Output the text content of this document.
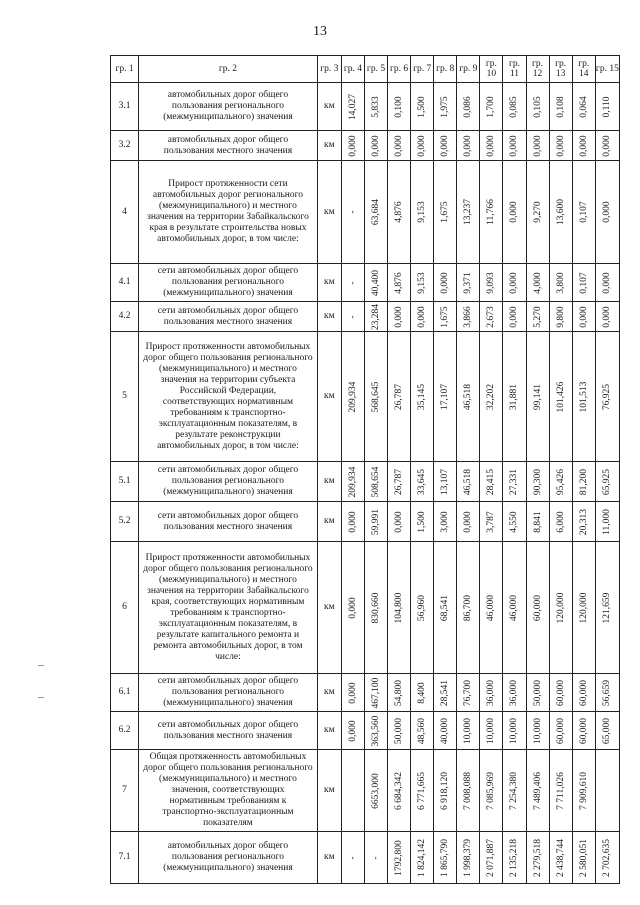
13
гр. 1	гр. 2	гр. 3	гр. 4	гр. 5	гр. 6	гр. 7	гр. 8	гр. 9	гр. 10	гр. 11	гр. 12	гр. 13	гр. 14	гр. 15
3.1	автомобильных дорог общего пользования регионального (межмуниципального) значения	км	14,027	5,833	0,100	1,500	1,975	0,086	1,700	0,085	0,105	0,108	0,064	0,110

3.2	автомобильных дорог общего пользования местного значения	км	0,000	0,000	0,000	0,000	0,000	0,000	0,000	0,000	0,000	0,000	0,000	0,000

4	Прирост протяженности сети автомобильных дорог регионального (межмуниципального) и местного значения на территории Забайкальского края в результате строительства новых автомобильных дорог, в том числе:	км	-	63,684	4,876	9,153	1,675	13,237	11,766	0,000	9,270	13,600	0,107	0,000

4.1	сети автомобильных дорог общего пользования регионального (межмуниципального) значения	км	-	40,400	4,876	9,153	0,000	9,371	9,093	0,000	4,000	3,800	0,107	0,000

4.2	сети автомобильных дорог общего пользования местного значения	км	-	23,284	0,000	0,000	1,675	3,866	2,673	0,000	5,270	9,800	0,000	0,000

5	Прирост протяженности автомобильных дорог общего пользования регионального (межмуниципального) и местного значения на территории субъекта Российской Федерации, соответствующих нормативным требованиям к транспортно-эксплуатационным показателям, в результате реконструкции автомобильных дорог, в том числе:	км	209,934	568,645	26,787	35,145	17,107	46,518	32,202	31,881	99,141	101,426	101,513	76,925

5.1	сети автомобильных дорог общего пользования регионального (межмуниципального) значения	км	209,934	508,654	26,787	33,645	13,107	46,518	28,415	27,331	90,300	95,426	81,200	65,925

5.2	сети автомобильных дорог общего пользования местного значения	км	0,000	59,991	0,000	1,500	3,000	0,000	3,787	4,550	8,841	6,000	20,313	11,000

6	Прирост протяженности автомобильных дорог общего пользования регионального (межмуниципального) и местного значения на территории Забайкальского края, соответствующих нормативным требованиям к транспортно-эксплуатационным показателям, в результате капитального ремонта и ремонта автомобильных дорог, в том числе:	км	0,000	830,660	104,800	56,960	68,541	86,700	46,000	46,000	60,000	120,000	120,000	121,659

6.1	сети автомобильных дорог общего пользования регионального (межмуниципального) значения	км	0,000	467,100	54,800	8,400	28,541	76,700	36,000	36,000	50,000	60,000	60,000	56,659

6.2	сети автомобильных дорог общего пользования местного значения	км	0,000	363,560	50,000	48,560	40,000	10,000	10,000	10,000	10,000	60,000	60,000	65,000

7	Общая протяженность автомобильных дорог общего пользования регионального (межмуниципального) и местного значения, соответствующих нормативным требованиям к транспортно-эксплуатационным показателям	км		6653,000	6 684,342	6 771,665	6 918,120	7 008,088	7 085,969	7 254,380	7 489,406	7 711,026	7 909,610	

7.1	автомобильных дорог общего пользования регионального (межмуниципального) значения	км	-	-	1792,800	1 824,142	1 865,790	1 998,379	2 071,887	2 135,218	2 279,518	2 438,744	2 580,051	2 702,635
